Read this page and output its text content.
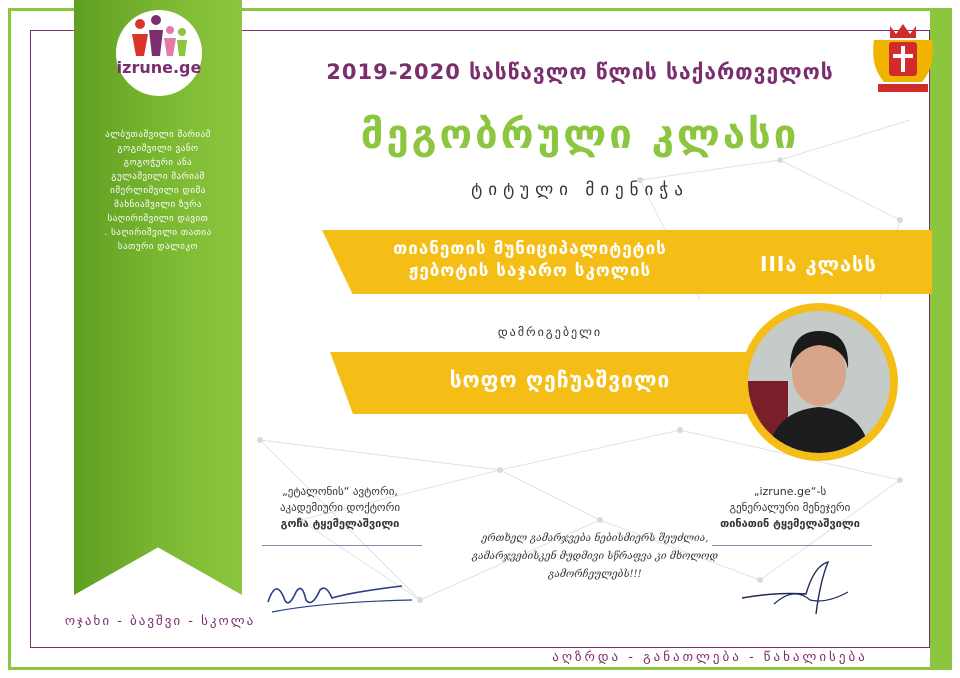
izrune.ge
ალბუთაშვილი მარიამ
გოგიშვილი ვანო
გოგოჭური ანა
გულაშვილი მარიამ
იმერლიშვილი დიმა
მახნიაშვილი ზურა
საღირიშვილი დავით
. საღირიშვილი თათია
სათური დალიკო
ოჯახი - ბავშვი - სკოლა
2019-2020 სასწავლო წლის საქართველოს
მეგობრული კლასი
ტიტული მიენიჭა
თიანეთის მუნიციპალიტეტის
ჟებოტის საჯარო სკოლის	IIIა კლასს
დამრიგებელი
სოფო ღეჩუაშვილი
„ეტალონის“ ავტორი,
აკადემიური დოქტორი
გოჩა ტყემელაშვილი
„izrune.ge“-ს
გენერალური მენეჯერი
თინათინ ტყემელაშვილი
ერთხელ გამარჯვება ნებისმიერს შეუძლია,
გამარჯვებისკენ მუდმივი სწრაფვა კი მხოლოდ გამორჩეულებს!!!
აღზრდა - განათლება - წახალისება
